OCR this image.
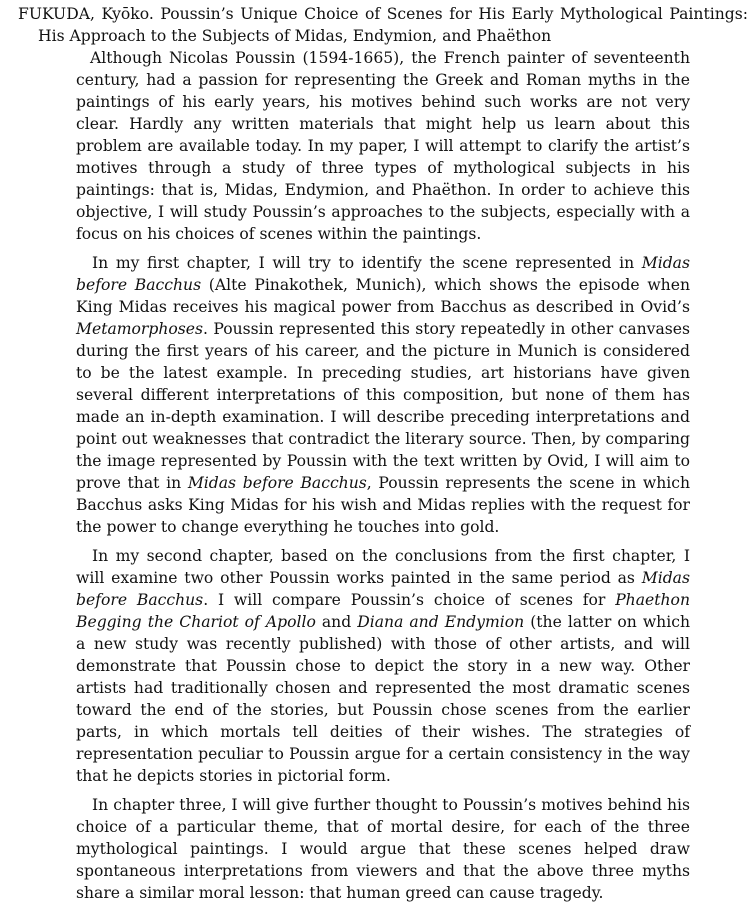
FUKUDA, Kyōko. Poussin’s Unique Choice of Scenes for His Early Mythological Paintings: His Approach to the Subjects of Midas, Endymion, and Phaëthon

Although Nicolas Poussin (1594-1665), the French painter of seventeenth century, had a passion for representing the Greek and Roman myths in the paintings of his early years, his motives behind such works are not very clear. Hardly any written materials that might help us learn about this problem are available today. In my paper, I will attempt to clarify the artist’s motives through a study of three types of mythological subjects in his paintings: that is, Midas, Endymion, and Phaëthon. In order to achieve this objective, I will study Poussin’s approaches to the subjects, especially with a focus on his choices of scenes within the paintings.

In my first chapter, I will try to identify the scene represented in Midas before Bacchus (Alte Pinakothek, Munich), which shows the episode when King Midas receives his magical power from Bacchus as described in Ovid’s Metamorphoses. Poussin represented this story repeatedly in other canvases during the first years of his career, and the picture in Munich is considered to be the latest example. In preceding studies, art historians have given several different interpretations of this composition, but none of them has made an in-depth examination. I will describe preceding interpretations and point out weaknesses that contradict the literary source. Then, by comparing the image represented by Poussin with the text written by Ovid, I will aim to prove that in Midas before Bacchus, Poussin represents the scene in which Bacchus asks King Midas for his wish and Midas replies with the request for the power to change everything he touches into gold.

In my second chapter, based on the conclusions from the first chapter, I will examine two other Poussin works painted in the same period as Midas before Bacchus. I will compare Poussin’s choice of scenes for Phaethon Begging the Chariot of Apollo and Diana and Endymion (the latter on which a new study was recently published) with those of other artists, and will demonstrate that Poussin chose to depict the story in a new way. Other artists had traditionally chosen and represented the most dramatic scenes toward the end of the stories, but Poussin chose scenes from the earlier parts, in which mortals tell deities of their wishes. The strategies of representation peculiar to Poussin argue for a certain consistency in the way that he depicts stories in pictorial form.

In chapter three, I will give further thought to Poussin’s motives behind his choice of a particular theme, that of mortal desire, for each of the three mythological paintings. I would argue that these scenes helped draw spontaneous interpretations from viewers and that the above three myths share a similar moral lesson: that human greed can cause tragedy.
